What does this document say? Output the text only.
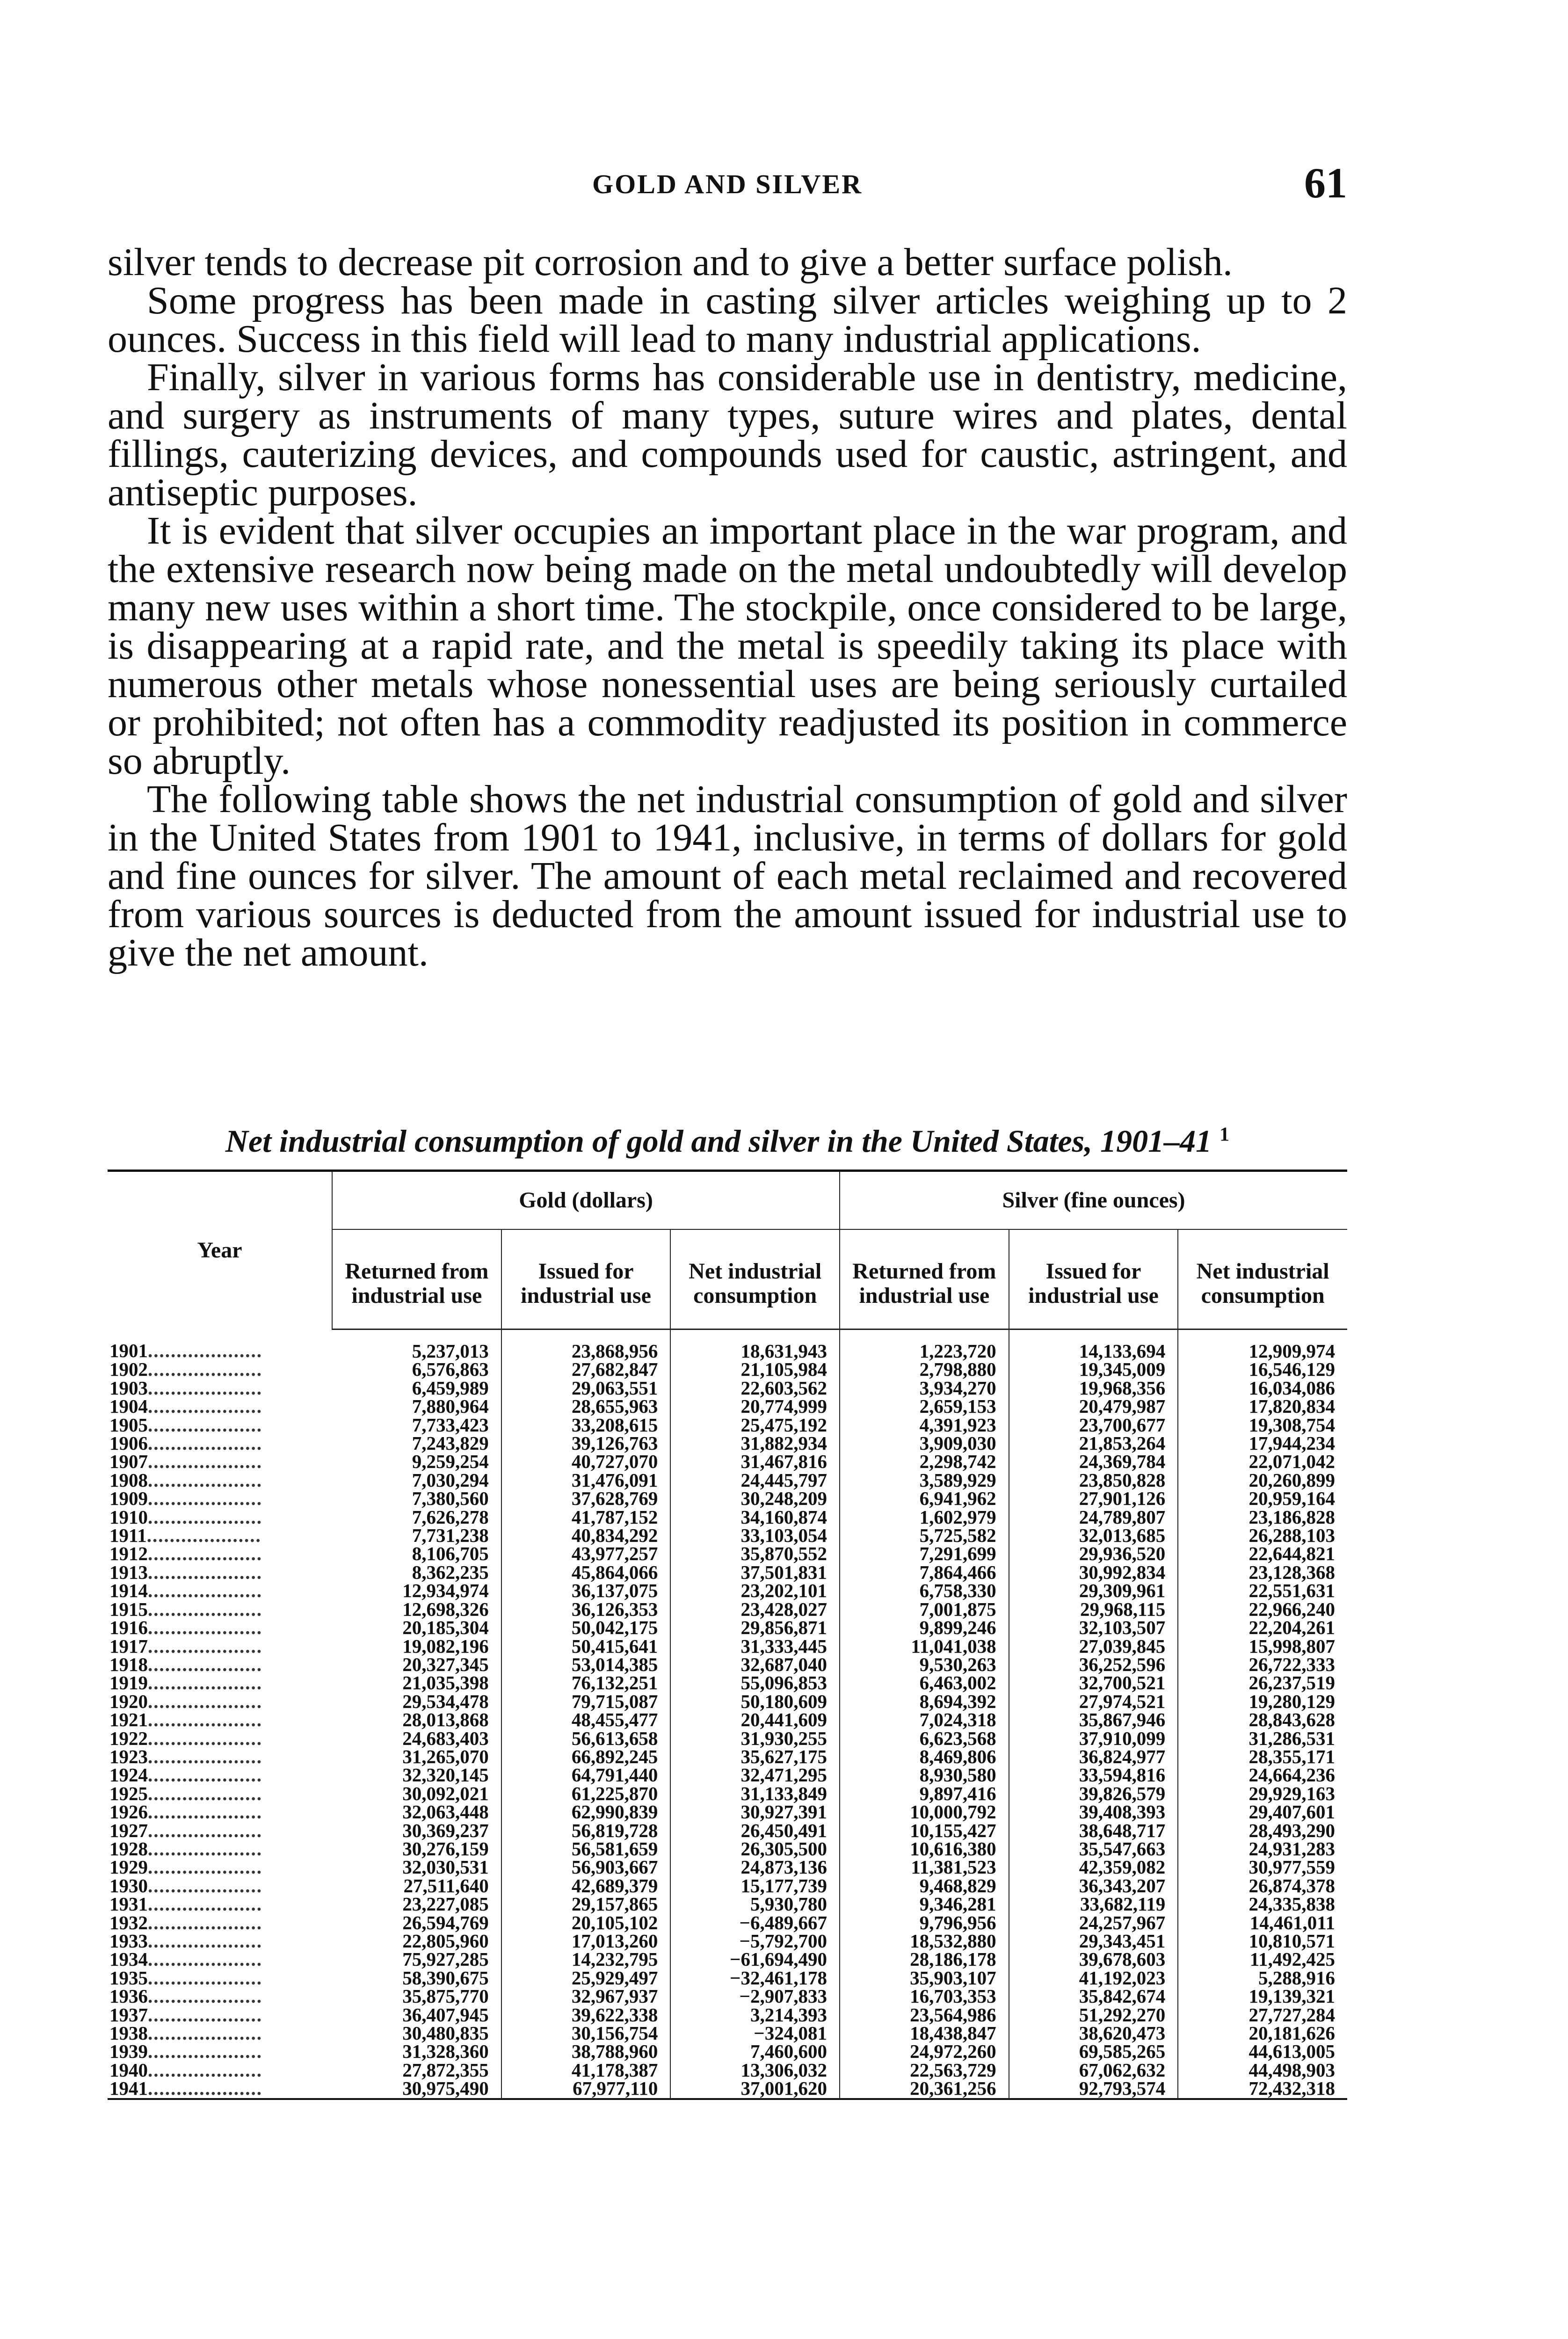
GOLD AND SILVER	61

silver tends to decrease pit corrosion and to give a better surface polish.

Some progress has been made in casting silver articles weighing up to 2 ounces. Success in this field will lead to many industrial applications.

Finally, silver in various forms has considerable use in dentistry, medicine, and surgery as instruments of many types, suture wires and plates, dental fillings, cauterizing devices, and compounds used for caustic, astringent, and antiseptic purposes.

It is evident that silver occupies an important place in the war program, and the extensive research now being made on the metal undoubtedly will develop many new uses within a short time. The stockpile, once considered to be large, is disappearing at a rapid rate, and the metal is speedily taking its place with numerous other metals whose nonessential uses are being seriously curtailed or prohibited; not often has a commodity readjusted its position in commerce so abruptly.

The following table shows the net industrial consumption of gold and silver in the United States from 1901 to 1941, inclusive, in terms of dollars for gold and fine ounces for silver. The amount of each metal reclaimed and recovered from various sources is deducted from the amount issued for industrial use to give the net amount.

Net industrial consumption of gold and silver in the United States, 1901–41 $^1$
Year	Gold (dollars)			Silver (fine ounces)		
	Returned from industrial use	Issued for industrial use	Net industrial consumption	Returned from industrial use	Issued for industrial use	Net industrial consumption
1901....................	5,237,013	23,868,956	18,631,943	1,223,720	14,133,694	12,909,974
1902....................	6,576,863	27,682,847	21,105,984	2,798,880	19,345,009	16,546,129
1903....................	6,459,989	29,063,551	22,603,562	3,934,270	19,968,356	16,034,086
1904....................	7,880,964	28,655,963	20,774,999	2,659,153	20,479,987	17,820,834
1905....................	7,733,423	33,208,615	25,475,192	4,391,923	23,700,677	19,308,754
1906....................	7,243,829	39,126,763	31,882,934	3,909,030	21,853,264	17,944,234
1907....................	9,259,254	40,727,070	31,467,816	2,298,742	24,369,784	22,071,042
1908....................	7,030,294	31,476,091	24,445,797	3,589,929	23,850,828	20,260,899
1909....................	7,380,560	37,628,769	30,248,209	6,941,962	27,901,126	20,959,164
1910....................	7,626,278	41,787,152	34,160,874	1,602,979	24,789,807	23,186,828
1911....................	7,731,238	40,834,292	33,103,054	5,725,582	32,013,685	26,288,103
1912....................	8,106,705	43,977,257	35,870,552	7,291,699	29,936,520	22,644,821
1913....................	8,362,235	45,864,066	37,501,831	7,864,466	30,992,834	23,128,368
1914....................	12,934,974	36,137,075	23,202,101	6,758,330	29,309,961	22,551,631
1915....................	12,698,326	36,126,353	23,428,027	7,001,875	29,968,115	22,966,240
1916....................	20,185,304	50,042,175	29,856,871	9,899,246	32,103,507	22,204,261
1917....................	19,082,196	50,415,641	31,333,445	11,041,038	27,039,845	15,998,807
1918....................	20,327,345	53,014,385	32,687,040	9,530,263	36,252,596	26,722,333
1919....................	21,035,398	76,132,251	55,096,853	6,463,002	32,700,521	26,237,519
1920....................	29,534,478	79,715,087	50,180,609	8,694,392	27,974,521	19,280,129
1921....................	28,013,868	48,455,477	20,441,609	7,024,318	35,867,946	28,843,628
1922....................	24,683,403	56,613,658	31,930,255	6,623,568	37,910,099	31,286,531
1923....................	31,265,070	66,892,245	35,627,175	8,469,806	36,824,977	28,355,171
1924....................	32,320,145	64,791,440	32,471,295	8,930,580	33,594,816	24,664,236
1925....................	30,092,021	61,225,870	31,133,849	9,897,416	39,826,579	29,929,163
1926....................	32,063,448	62,990,839	30,927,391	10,000,792	39,408,393	29,407,601
1927....................	30,369,237	56,819,728	26,450,491	10,155,427	38,648,717	28,493,290
1928....................	30,276,159	56,581,659	26,305,500	10,616,380	35,547,663	24,931,283
1929....................	32,030,531	56,903,667	24,873,136	11,381,523	42,359,082	30,977,559
1930....................	27,511,640	42,689,379	15,177,739	9,468,829	36,343,207	26,874,378
1931....................	23,227,085	29,157,865	5,930,780	9,346,281	33,682,119	24,335,838
1932....................	26,594,769	20,105,102	−6,489,667	9,796,956	24,257,967	14,461,011
1933....................	22,805,960	17,013,260	−5,792,700	18,532,880	29,343,451	10,810,571
1934....................	75,927,285	14,232,795	−61,694,490	28,186,178	39,678,603	11,492,425
1935....................	58,390,675	25,929,497	−32,461,178	35,903,107	41,192,023	5,288,916
1936....................	35,875,770	32,967,937	−2,907,833	16,703,353	35,842,674	19,139,321
1937....................	36,407,945	39,622,338	3,214,393	23,564,986	51,292,270	27,727,284
1938....................	30,480,835	30,156,754	−324,081	18,438,847	38,620,473	20,181,626
1939....................	31,328,360	38,788,960	7,460,600	24,972,260	69,585,265	44,613,005
1940....................	27,872,355	41,178,387	13,306,032	22,563,729	67,062,632	44,498,903
1941....................	30,975,490	67,977,110	37,001,620	20,361,256	92,793,574	72,432,318
